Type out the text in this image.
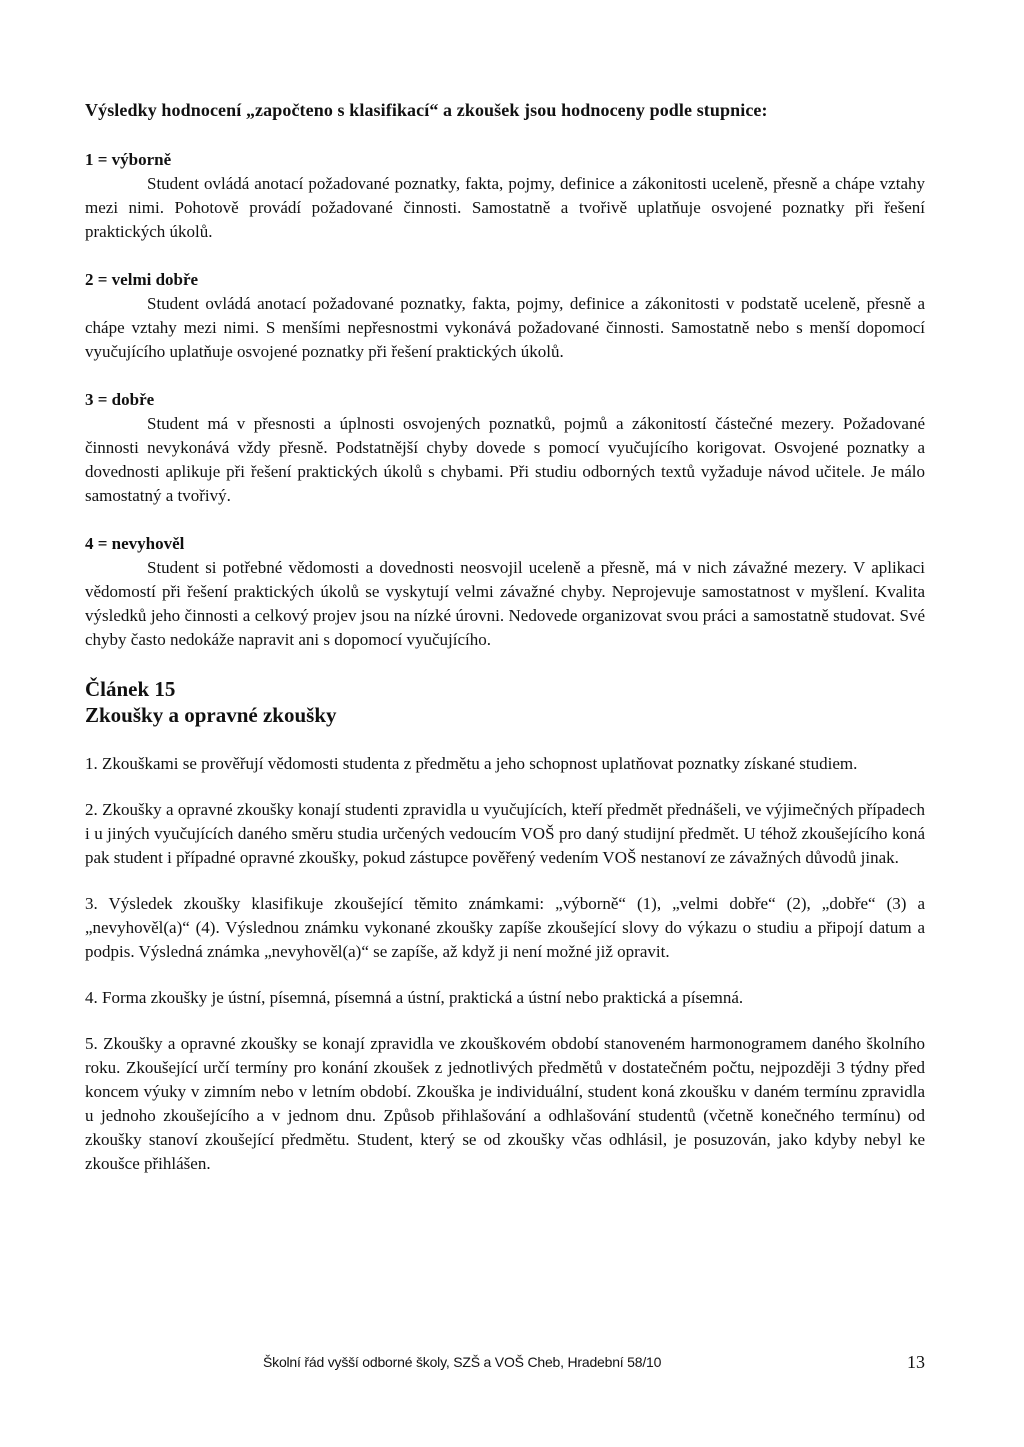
Výsledky hodnocení „započteno s klasifikací“ a zkoušek jsou hodnoceny podle stupnice:

1 = výborně

Student ovládá anotací požadované poznatky, fakta, pojmy, definice a zákonitosti uceleně, přesně a chápe vztahy mezi nimi. Pohotově provádí požadované činnosti. Samostatně a tvořivě uplatňuje osvojené poznatky při řešení praktických úkolů.

2 = velmi dobře

Student ovládá anotací požadované poznatky, fakta, pojmy, definice a zákonitosti v podstatě uceleně, přesně a chápe vztahy mezi nimi. S menšími nepřesnostmi vykonává požadované činnosti. Samostatně nebo s menší dopomocí vyučujícího uplatňuje osvojené poznatky při řešení praktických úkolů.

3 = dobře

Student má v přesnosti a úplnosti osvojených poznatků, pojmů a zákonitostí částečné mezery. Požadované činnosti nevykonává vždy přesně. Podstatnější chyby dovede s pomocí vyučujícího korigovat. Osvojené poznatky a dovednosti aplikuje při řešení praktických úkolů s chybami. Při studiu odborných textů vyžaduje návod učitele. Je málo samostatný a tvořivý.

4 = nevyhověl

Student si potřebné vědomosti a dovednosti neosvojil uceleně a přesně, má v nich závažné mezery. V aplikaci vědomostí při řešení praktických úkolů se vyskytují velmi závažné chyby. Neprojevuje samostatnost v myšlení. Kvalita výsledků jeho činnosti a celkový projev jsou na nízké úrovni. Nedovede organizovat svou práci a samostatně studovat. Své chyby často nedokáže napravit ani s dopomocí vyučujícího.

Článek 15

Zkoušky a opravné zkoušky

1. Zkouškami se prověřují vědomosti studenta z předmětu a jeho schopnost uplatňovat poznatky získané studiem.

2. Zkoušky a opravné zkoušky konají studenti zpravidla u vyučujících, kteří předmět přednášeli, ve výjimečných případech i u jiných vyučujících daného směru studia určených vedoucím VOŠ pro daný studijní předmět. U téhož zkoušejícího koná pak student i případné opravné zkoušky, pokud zástupce pověřený vedením VOŠ nestanoví ze závažných důvodů jinak.

3. Výsledek zkoušky klasifikuje zkoušející těmito známkami: „výborně“ (1), „velmi dobře“ (2), „dobře“ (3) a „nevyhověl(a)“ (4). Výslednou známku vykonané zkoušky zapíše zkoušející slovy do výkazu o studiu a připojí datum a podpis. Výsledná známka „nevyhověl(a)“ se zapíše, až když ji není možné již opravit.

4. Forma zkoušky je ústní, písemná, písemná a ústní, praktická a ústní nebo praktická a písemná.

5. Zkoušky a opravné zkoušky se konají zpravidla ve zkouškovém období stanoveném harmonogramem daného školního roku. Zkoušející určí termíny pro konání zkoušek z jednotlivých předmětů v dostatečném počtu, nejpozději 3 týdny před koncem výuky v zimním nebo v letním období. Zkouška je individuální, student koná zkoušku v daném termínu zpravidla u jednoho zkoušejícího a v jednom dnu. Způsob přihlašování a odhlašování studentů (včetně konečného termínu) od zkoušky stanoví zkoušející předmětu. Student, který se od zkoušky včas odhlásil, je posuzován, jako kdyby nebyl ke zkoušce přihlášen.

Školní řád vyšší odborné školy, SZŠ a VOŠ Cheb, Hradební 58/10	13
